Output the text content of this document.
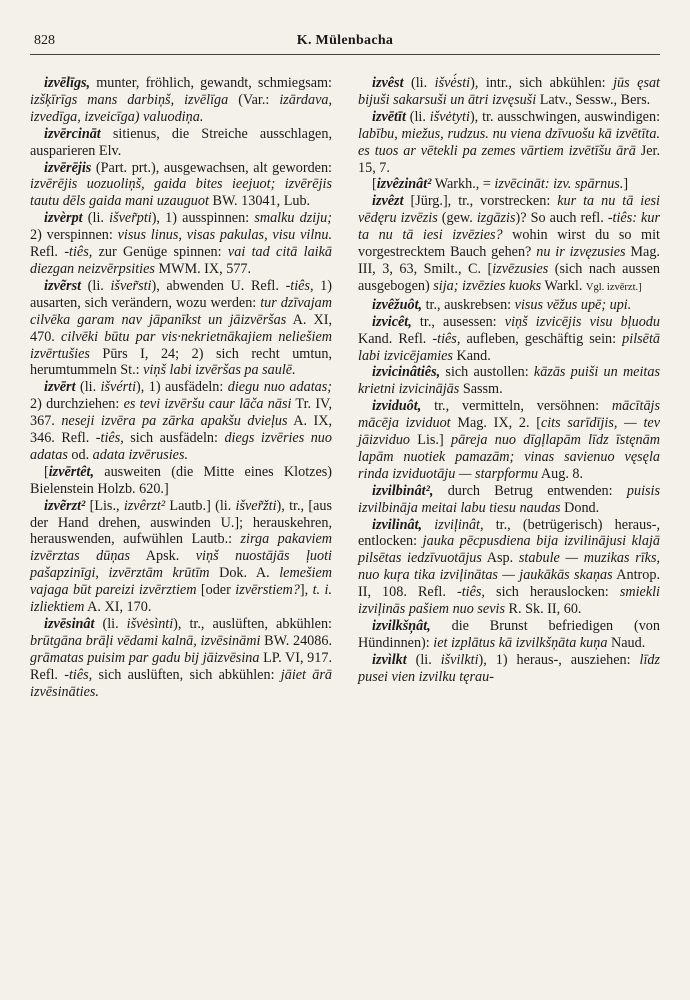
828	K. Mülenbacha

izvēlīgs, munter, fröhlich, gewandt, schmiegsam: izšķīrīgs mans darbiņš, izvēlīga (Var.: izārdava, izvedīga, izveicīga) valuodiņa.

izvērcināt sitienus, die Streiche ausschlagen, ausparieren Elv.

izvērējis (Part. prt.), ausgewachsen, alt geworden: izvērējis uozuoliņš, gaida bites ieejuot; izvērējis tautu dēls gaida mani uzauguot BW. 13041, Lub.

izvèrpt (li. išver̃pti), 1) ausspinnen: smalku dziju; 2) verspinnen: visus linus, visas pakulas, visu vilnu. Refl. -tiês, zur Genüge spinnen: vai tad citā laikā diezgan neizvērpsities MWM. IX, 577.

izvẽrst (li. išver̃sti), abwenden U. Refl. -tiês, 1) ausarten, sich verändern, wozu werden: tur dzīvajam cilvēka garam nav jāpanīkst un jāizvēršas A. XI, 470. cilvēki būtu par vis·nekrietnākajiem neliešiem izvērtušies Pūrs I, 24; 2) sich recht umtun, herumtummeln St.: viņš labi izvēršas pa saulē.

izvērt (li. išvérti), 1) ausfädeln: diegu nuo adatas; 2) durchziehen: es tevi izvēršu caur lāča nāsi Tr. IV, 367. neseji izvēra pa zārka apakšu dvieļus A. IX, 346. Refl. -tiês, sich ausfädeln: diegs izvēries nuo adatas od. adata izvērusies.

[izvērtêt, ausweiten (die Mitte eines Klotzes) Bielenstein Holzb. 620.]

izvẽrzt² [Lis., izvêrzt² Lautb.] (li. išver̃žti), tr., [aus der Hand drehen, auswinden U.]; herauskehren, herauswenden, aufwühlen Lautb.: zirga pakaviem izvērztas dūņas Apsk. viņš nuostājās ļuoti pašapzinīgi, izvērztām krūtīm Dok. A. lemešiem vajaga būt pareizi izvērztiem [oder izvērstiem?], t. i. izliektiem A. XI, 170.

izvēsinât (li. išvėsìnti), tr., auslüften, abkühlen: brūtgāna brāļi vēdami kalnā, izvēsināmi BW. 24086. grāmatas puisim par gadu bij jāizvēsina LP. VI, 917. Refl. -tiês, sich auslüften, sich abkühlen: jāiet ārā izvēsināties.

izvêst (li. išvė́sti), intr., sich abkühlen: jūs ęsat bijuši sakarsuši un ātri izvęsuši Latv., Sessw., Bers.

izvētīt (li. išvėtyti), tr. ausschwingen, auswindigen: labību, miežus, rudzus. nu viena dzīvuošu kā izvētīta. es tuos ar vētekli pa zemes vārtiem izvētīšu ārā Jer. 15, 7.

[izvêzinât² Warkh., = izvēcināt: izv. spārnus.]

izvêzt [Jürg.], tr., vorstrecken: kur ta nu tā iesi vēdęru izvēzis (gew. izgāzis)? So auch refl. -tiês: kur ta nu tā iesi izvēzies? wohin wirst du so mit vorgestrecktem Bauch gehen? nu ir izvęzusies Mag. III, 3, 63, Smilt., C. [izvēzusies (sich nach aussen ausgebogen) sija; izvēzies kuoks Warkl. Vgl. izvērzt.]

izvêžuôt, tr., auskrebsen: visus vēžus upē; upi.

izvicêt, tr., ausessen: viņš izvicējis visu bļuodu Kand. Refl. -tiês, aufleben, geschäftig sein: pilsētā labi izvicējamies Kand.

izvicinâtiês, sich austollen: kāzās puiši un meitas krietni izvicinājās Sassm.

izviduôt, tr., vermitteln, versöhnen: mācītājs mācēja izviduot Mag. IX, 2. [cits sarīdījis, — tev jāizviduo Lis.] pāreja nuo dīgļlapām līdz īstęnām lapām nuotiek pamazām; vinas savienuo vęsęla rinda izviduotāju — starpformu Aug. 8.

izvilbinât², durch Betrug entwenden: puisis izvilbināja meitai labu tiesu naudas Dond.

izvilinât, izviļinât, tr., (betrügerisch) heraus-, entlocken: jauka pēcpusdiena bija izvilinājusi klajā pilsētas iedzīvuotājus Asp. stabule — muzikas rīks, nuo kuŗa tika izviļinātas — jaukākās skaņas Antrop. II, 108. Refl. -tiês, sich herauslocken: smiekli izviļinās pašiem nuo sevis R. Sk. II, 60.

izvilkšņât, die Brunst befriedigen (von Hündinnen): iet izplātus kā izvilkšņāta kuņa Naud.

izvìlkt (li. išvilkti), 1) heraus-, ausziehen: līdz pusei vien izvilku tęrau-
